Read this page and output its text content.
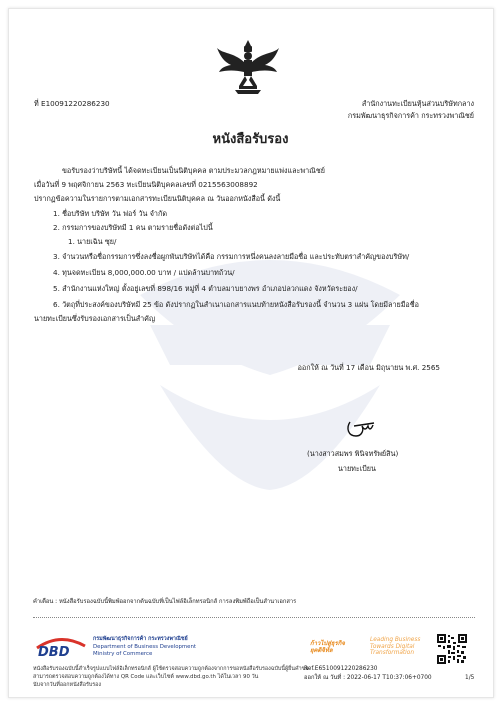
ที่ E10091220286230	สำนักงานทะเบียนหุ้นส่วนบริษัทกลาง
กรมพัฒนาธุรกิจการค้า กระทรวงพาณิชย์
หนังสือรับรอง
ขอรับรองว่าบริษัทนี้ ได้จดทะเบียนเป็นนิติบุคคล ตามประมวลกฎหมายแพ่งและพาณิชย์
เมื่อวันที่ 9 พฤศจิกายน 2563 ทะเบียนนิติบุคคลเลขที่ 0215563008892
ปรากฏข้อความในรายการตามเอกสารทะเบียนนิติบุคคล ณ วันออกหนังสือนี้ ดังนี้
1. ชื่อบริษัท บริษัท วัน ฟอร์ วัน จำกัด
2. กรรมการของบริษัทมี 1 คน ตามรายชื่อดังต่อไปนี้
1. นายเฉิน ซุย/
3. จำนวนหรือชื่อกรรมการซึ่งลงชื่อผูกพันบริษัทได้คือ กรรมการหนึ่งคนลงลายมือชื่อ และประทับตราสำคัญของบริษัท/
4. ทุนจดทะเบียน 8,000,000.00 บาท / แปดล้านบาทถ้วน/
5. สำนักงานแห่งใหญ่ ตั้งอยู่เลขที่ 898/16 หมู่ที่ 4 ตำบลมาบยางพร อำเภอปลวกแดง จังหวัดระยอง/
6. วัตถุที่ประสงค์ของบริษัทมี 25 ข้อ ดังปรากฏในสำเนาเอกสารแนบท้ายหนังสือรับรองนี้ จำนวน 3 แผ่น โดยมีลายมือชื่อ
นายทะเบียนซึ่งรับรองเอกสารเป็นสำคัญ
ออกให้ ณ วันที่ 17 เดือน มิถุนายน พ.ศ. 2565
(นางสาวสมพร พินิจทรัพย์สิน)
นายทะเบียน
คำเตือน : หนังสือรับรองฉบับนี้พิมพ์ออกจากต้นฉบับที่เป็นไฟล์อิเล็กทรอนิกส์ การลงพิมพ์ถือเป็นสำนาเอกสาร
DBD
กรมพัฒนาธุรกิจการค้า กระทรวงพาณิชย์
Department of Business Development
Ministry of Commerce
ก้าวไปสู่ธุรกิจ
ยุคดิจิทัล
Leading Business
Towards Digital
Transformation
หนังสือรับรองฉบับนี้สำเร็จรูปแบบไฟล์อิเล็กทรอนิกส์ ผู้ใช้ตรวจสอบความถูกต้องจากการขอหนังสือรับรองฉบับนี้ผู้ยื่นคำขอ
สามารถตรวจสอบความถูกต้องได้ทาง QR Code และเว็บไซต์ www.dbd.go.th ได้ในเวลา 90 วัน
นับจากวันที่ออกหนังสือรับรอง
Ref.E6510091220286230
ออกให้ ณ วันที่ : 2022-06-17 T10:37:06+0700	1/5
